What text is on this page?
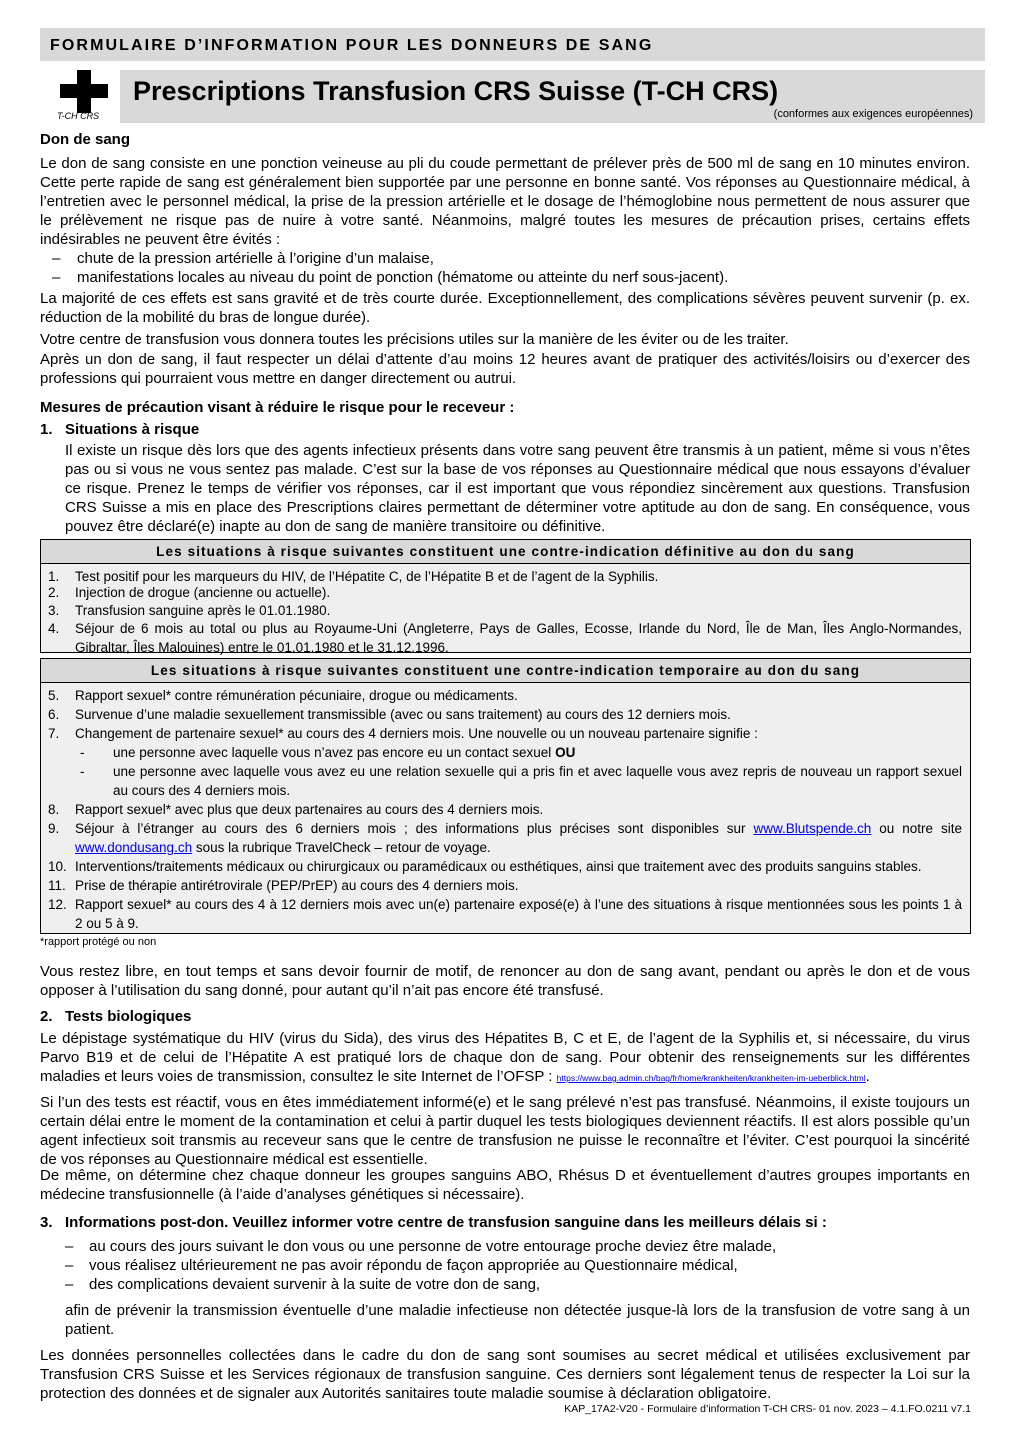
FORMULAIRE D’INFORMATION POUR LES DONNEURS DE SANG
T-CH CRS
Prescriptions Transfusion CRS Suisse (T-CH CRS)
(conformes aux exigences européennes)
Don de sang
Le don de sang consiste en une ponction veineuse au pli du coude permettant de prélever près de 500 ml de sang en 10 minutes environ. Cette perte rapide de sang est généralement bien supportée par une personne en bonne santé. Vos réponses au Questionnaire médical, à l’entretien avec le personnel médical, la prise de la pression artérielle et le dosage de l’hémoglobine nous permettent de nous assurer que le prélèvement ne risque pas de nuire à votre santé. Néanmoins, malgré toutes les mesures de précaution prises, certains effets indésirables ne peuvent être évités :
– chute de la pression artérielle à l’origine d’un malaise,
– manifestations locales au niveau du point de ponction (hématome ou atteinte du nerf sous-jacent).
La majorité de ces effets est sans gravité et de très courte durée. Exceptionnellement, des complications sévères peuvent survenir (p. ex. réduction de la mobilité du bras de longue durée).
Votre centre de transfusion vous donnera toutes les précisions utiles sur la manière de les éviter ou de les traiter.
Après un don de sang, il faut respecter un délai d’attente d’au moins 12 heures avant de pratiquer des activités/loisirs ou d’exercer des professions qui pourraient vous mettre en danger directement ou autrui.
Mesures de précaution visant à réduire le risque pour le receveur :
1. Situations à risque
Il existe un risque dès lors que des agents infectieux présents dans votre sang peuvent être transmis à un patient, même si vous n’êtes pas ou si vous ne vous sentez pas malade. C’est sur la base de vos réponses au Questionnaire médical que nous essayons d’évaluer ce risque. Prenez le temps de vérifier vos réponses, car il est important que vous répondiez sincèrement aux questions. Transfusion CRS Suisse a mis en place des Prescriptions claires permettant de déterminer votre aptitude au don de sang. En conséquence, vous pouvez être déclaré(e) inapte au don de sang de manière transitoire ou définitive.
Les situations à risque suivantes constituent une contre-indication définitive au don du sang
1. Test positif pour les marqueurs du HIV, de l’Hépatite C, de l’Hépatite B et de l’agent de la Syphilis.
2. Injection de drogue (ancienne ou actuelle).
3. Transfusion sanguine après le 01.01.1980.
4. Séjour de 6 mois au total ou plus au Royaume-Uni (Angleterre, Pays de Galles, Ecosse, Irlande du Nord, Île de Man, Îles Anglo-Normandes, Gibraltar, Îles Malouines) entre le 01.01.1980 et le 31.12.1996.
Les situations à risque suivantes constituent une contre-indication temporaire au don du sang
5. Rapport sexuel* contre rémunération pécuniaire, drogue ou médicaments.
6. Survenue d’une maladie sexuellement transmissible (avec ou sans traitement) au cours des 12 derniers mois.
7. Changement de partenaire sexuel* au cours des 4 derniers mois. Une nouvelle ou un nouveau partenaire signifie :
- une personne avec laquelle vous n’avez pas encore eu un contact sexuel OU
- une personne avec laquelle vous avez eu une relation sexuelle qui a pris fin et avec laquelle vous avez repris de nouveau un rapport sexuel au cours des 4 derniers mois.
8. Rapport sexuel* avec plus que deux partenaires au cours des 4 derniers mois.
9. Séjour à l’étranger au cours des 6 derniers mois ; des informations plus précises sont disponibles sur www.Blutspende.ch ou notre site www.dondusang.ch sous la rubrique TravelCheck – retour de voyage.
10. Interventions/traitements médicaux ou chirurgicaux ou paramédicaux ou esthétiques, ainsi que traitement avec des produits sanguins stables.
11. Prise de thérapie antirétrovirale (PEP/PrEP) au cours des 4 derniers mois.
12. Rapport sexuel* au cours des 4 à 12 derniers mois avec un(e) partenaire exposé(e) à l’une des situations à risque mentionnées sous les points 1 à 2 ou 5 à 9.
*rapport protégé ou non
Vous restez libre, en tout temps et sans devoir fournir de motif, de renoncer au don de sang avant, pendant ou après le don et de vous opposer à l’utilisation du sang donné, pour autant qu’il n’ait pas encore été transfusé.
2. Tests biologiques
Le dépistage systématique du HIV (virus du Sida), des virus des Hépatites B, C et E, de l’agent de la Syphilis et, si nécessaire, du virus Parvo B19 et de celui de l’Hépatite A est pratiqué lors de chaque don de sang. Pour obtenir des renseignements sur les différentes maladies et leurs voies de transmission, consultez le site Internet de l’OFSP : https://www.bag.admin.ch/bag/fr/home/krankheiten/krankheiten-im-ueberblick.html.
Si l’un des tests est réactif, vous en êtes immédiatement informé(e) et le sang prélevé n’est pas transfusé. Néanmoins, il existe toujours un certain délai entre le moment de la contamination et celui à partir duquel les tests biologiques deviennent réactifs. Il est alors possible qu’un agent infectieux soit transmis au receveur sans que le centre de transfusion ne puisse le reconnaître et l’éviter. C’est pourquoi la sincérité de vos réponses au Questionnaire médical est essentielle.
De même, on détermine chez chaque donneur les groupes sanguins ABO, Rhésus D et éventuellement d’autres groupes importants en médecine transfusionnelle (à l’aide d’analyses génétiques si nécessaire).
3. Informations post-don. Veuillez informer votre centre de transfusion sanguine dans les meilleurs délais si :
– au cours des jours suivant le don vous ou une personne de votre entourage proche deviez être malade,
– vous réalisez ultérieurement ne pas avoir répondu de façon appropriée au Questionnaire médical,
– des complications devaient survenir à la suite de votre don de sang,
afin de prévenir la transmission éventuelle d’une maladie infectieuse non détectée jusque-là lors de la transfusion de votre sang à un patient.
Les données personnelles collectées dans le cadre du don de sang sont soumises au secret médical et utilisées exclusivement par Transfusion CRS Suisse et les Services régionaux de transfusion sanguine. Ces derniers sont légalement tenus de respecter la Loi sur la protection des données et de signaler aux Autorités sanitaires toute maladie soumise à déclaration obligatoire.
KAP_17A2-V20 - Formulaire d’information T-CH CRS- 01 nov. 2023 – 4.1.FO.0211 v7.1
